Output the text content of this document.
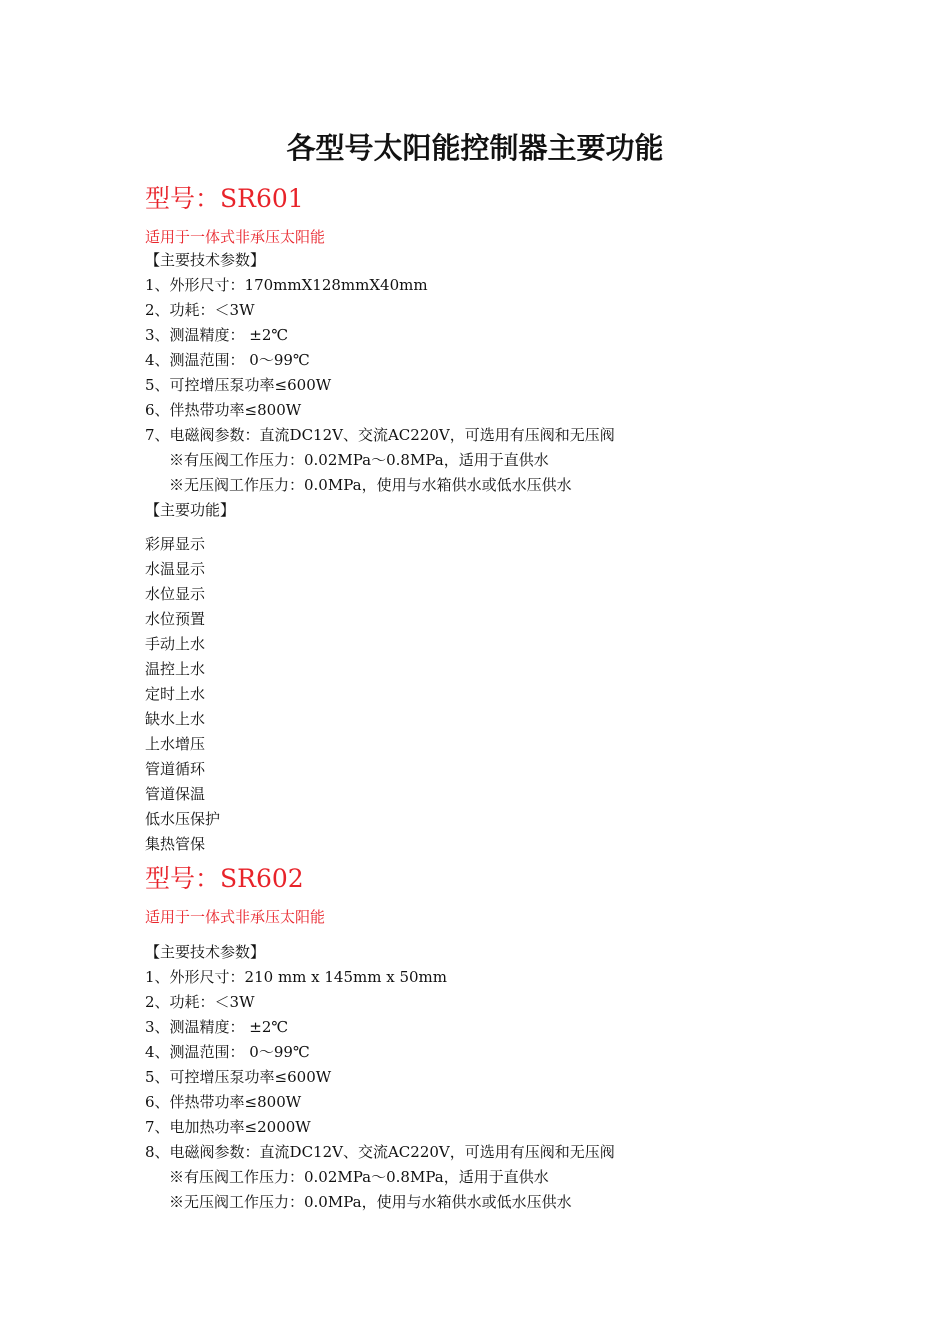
各型号太阳能控制器主要功能

型号：SR601

适用于一体式非承压太阳能

【主要技术参数】

1、外形尺寸：170mmX128mmX40mm

2、功耗：＜3W

3、测温精度： ±2℃

4、测温范围： 0～99℃

5、可控增压泵功率≤600W

6、伴热带功率≤800W

7、电磁阀参数：直流DC12V、交流AC220V，可选用有压阀和无压阀

※有压阀工作压力：0.02MPa～0.8MPa，适用于直供水

※无压阀工作压力：0.0MPa，使用与水箱供水或低水压供水

【主要功能】

彩屏显示

水温显示

水位显示

水位预置

手动上水

温控上水

定时上水

缺水上水

上水增压

管道循环

管道保温

低水压保护

集热管保

型号：SR602

适用于一体式非承压太阳能

【主要技术参数】

1、外形尺寸：210 mm x 145mm x 50mm

2、功耗：＜3W

3、测温精度： ±2℃

4、测温范围： 0～99℃

5、可控增压泵功率≤600W

6、伴热带功率≤800W

7、电加热功率≤2000W

8、电磁阀参数：直流DC12V、交流AC220V，可选用有压阀和无压阀

※有压阀工作压力：0.02MPa～0.8MPa，适用于直供水

※无压阀工作压力：0.0MPa，使用与水箱供水或低水压供水
